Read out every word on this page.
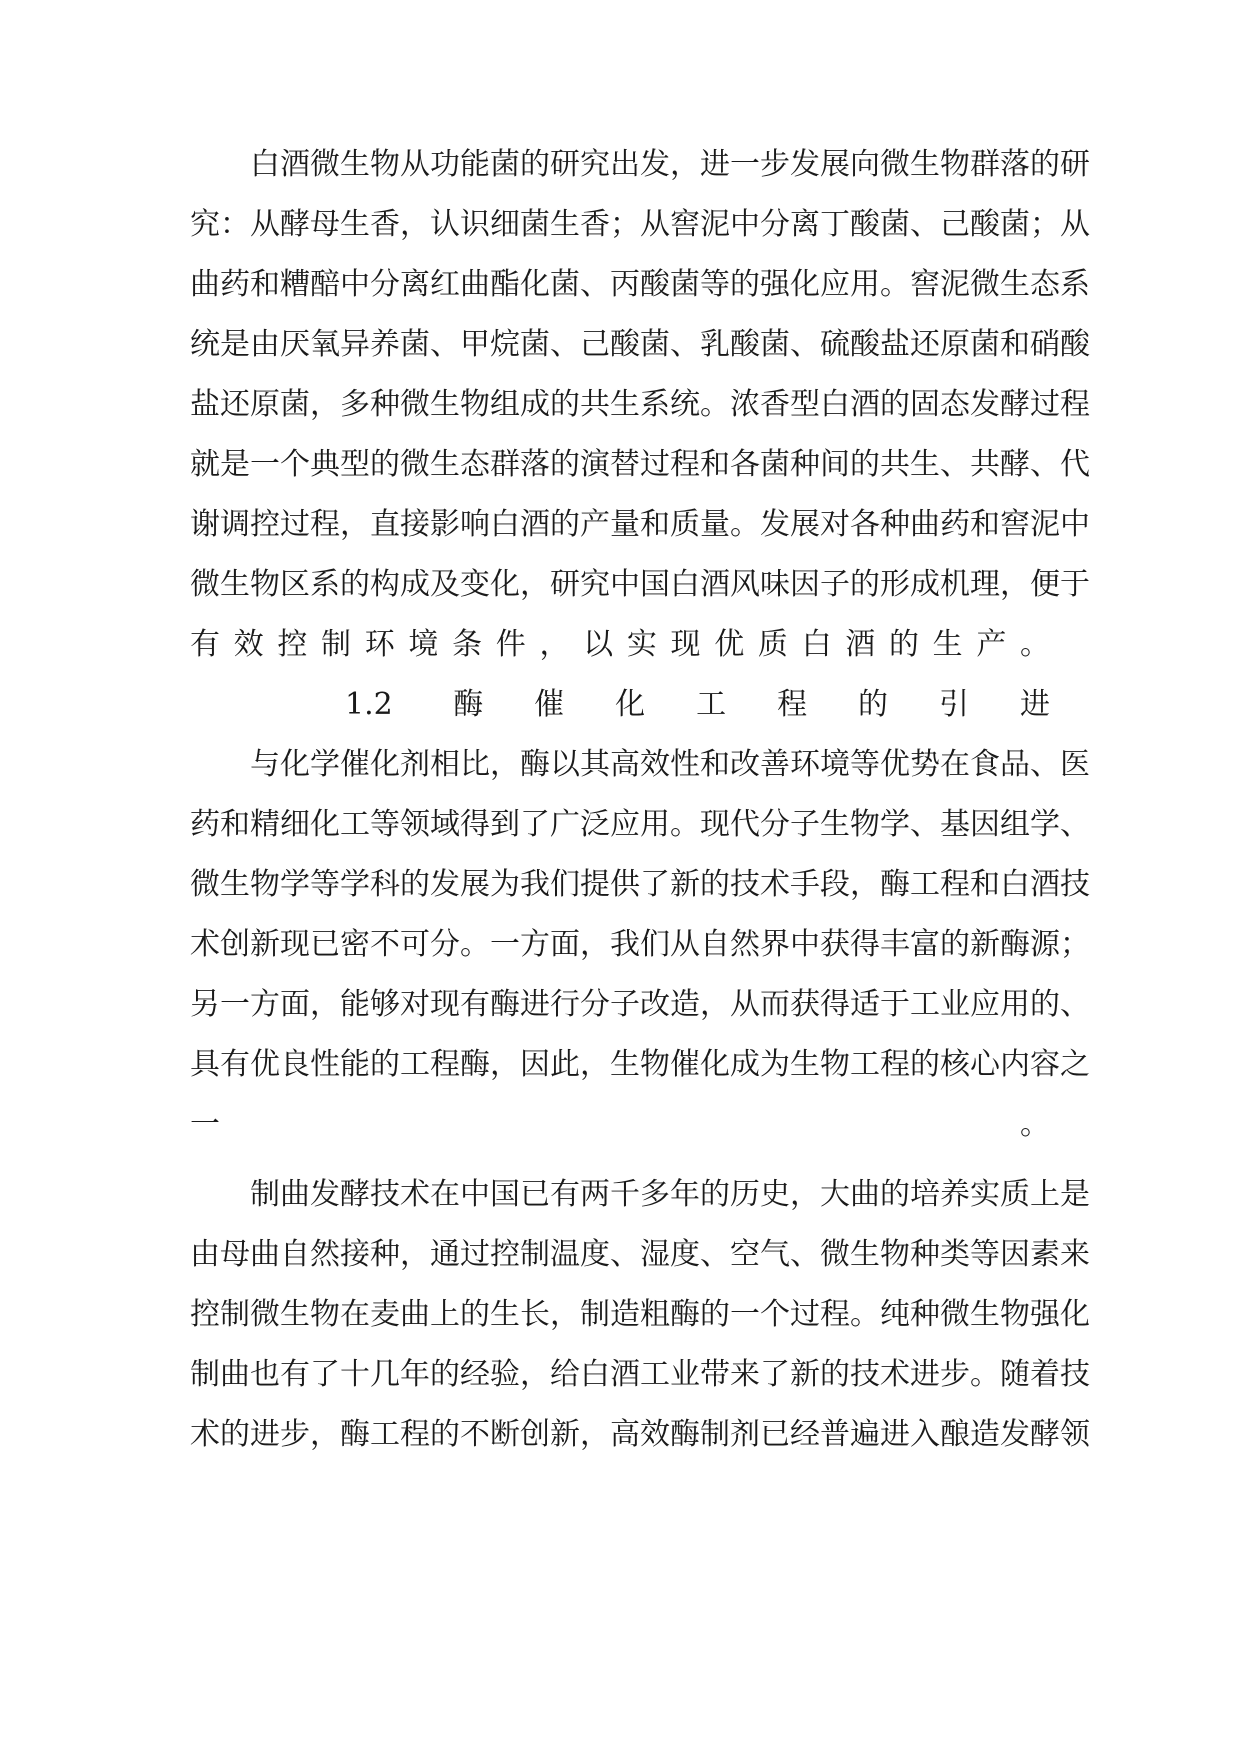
白酒微生物从功能菌的研究出发，进一步发展向微生物群落的研
究：从酵母生香，认识细菌生香；从窖泥中分离丁酸菌、己酸菌；从
曲药和糟醅中分离红曲酯化菌、丙酸菌等的强化应用。窖泥微生态系
统是由厌氧异养菌、甲烷菌、己酸菌、乳酸菌、硫酸盐还原菌和硝酸
盐还原菌，多种微生物组成的共生系统。浓香型白酒的固态发酵过程
就是一个典型的微生态群落的演替过程和各菌种间的共生、共酵、代
谢调控过程，直接影响白酒的产量和质量。发展对各种曲药和窖泥中
微生物区系的构成及变化，研究中国白酒风味因子的形成机理，便于
有效控制环境条件，以实现优质白酒的生产。
1.2 酶催化工程的引进
与化学催化剂相比，酶以其高效性和改善环境等优势在食品、医
药和精细化工等领域得到了广泛应用。现代分子生物学、基因组学、
微生物学等学科的发展为我们提供了新的技术手段，酶工程和白酒技
术创新现已密不可分。一方面，我们从自然界中获得丰富的新酶源；
另一方面，能够对现有酶进行分子改造，从而获得适于工业应用的、
具有优良性能的工程酶，因此，生物催化成为生物工程的核心内容之
一 。
制曲发酵技术在中国已有两千多年的历史，大曲的培养实质上是
由母曲自然接种，通过控制温度、湿度、空气、微生物种类等因素来
控制微生物在麦曲上的生长，制造粗酶的一个过程。纯种微生物强化
制曲也有了十几年的经验，给白酒工业带来了新的技术进步。随着技
术的进步，酶工程的不断创新，高效酶制剂已经普遍进入酿造发酵领
